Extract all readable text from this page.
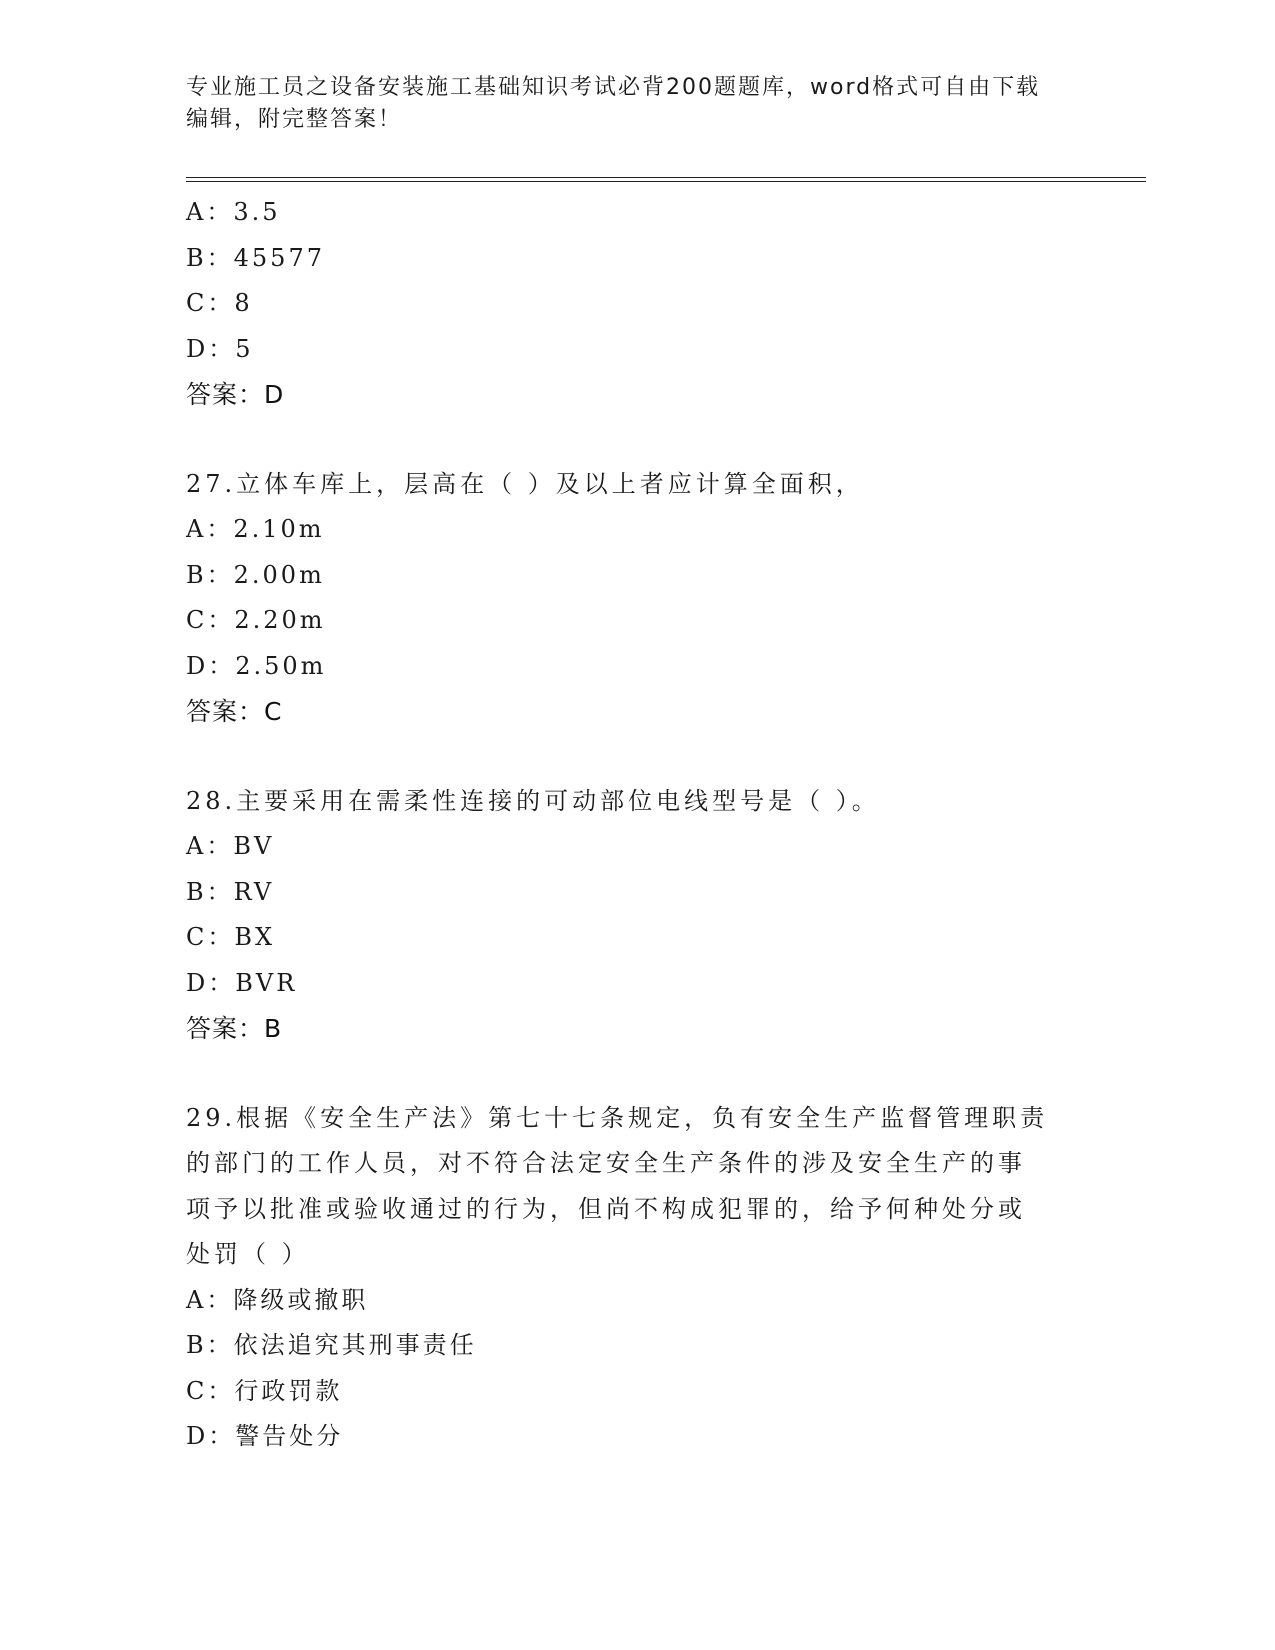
专业施工员之设备安装施工基础知识考试必背200题题库，word格式可自由下载
编辑，附完整答案！
A：3.5
B：45577
C：8
D：5
答案：D
27.立体车库上，层高在（ ）及以上者应计算全面积，
A：2.10m
B：2.00m
C：2.20m
D：2.50m
答案：C
28.主要采用在需柔性连接的可动部位电线型号是（ ）。
A：BV
B：RV
C：BX
D：BVR
答案：B
29.根据《安全生产法》第七十七条规定，负有安全生产监督管理职责
的部门的工作人员，对不符合法定安全生产条件的涉及安全生产的事
项予以批准或验收通过的行为，但尚不构成犯罪的，给予何种处分或
处罚（ ）
A：降级或撤职
B：依法追究其刑事责任
C：行政罚款
D：警告处分
